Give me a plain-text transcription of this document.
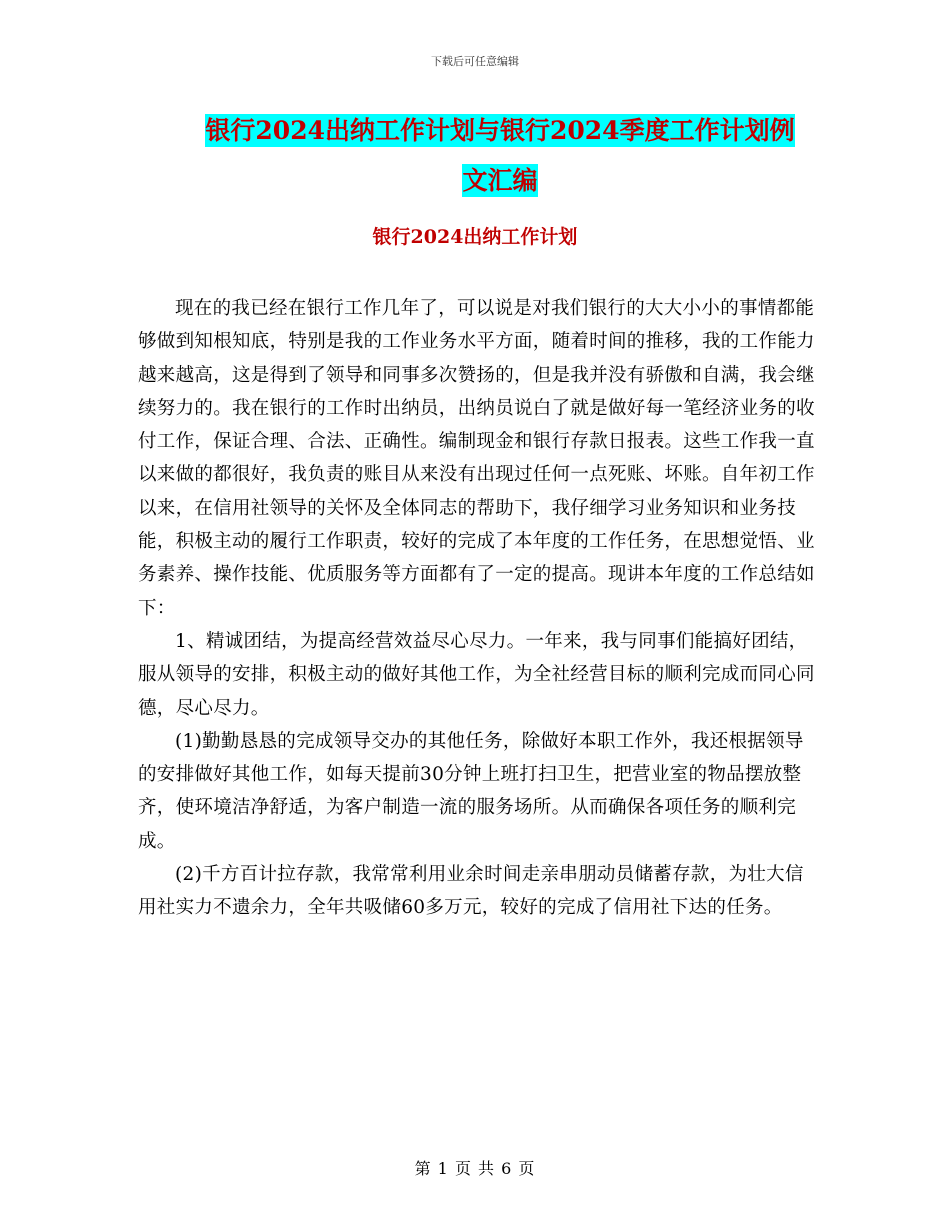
下载后可任意编辑
银行2024出纳工作计划与银行2024季度工作计划例
文汇编
银行2024出纳工作计划

现在的我已经在银行工作几年了，可以说是对我们银行的大大小小的事情都能够做到知根知底，特别是我的工作业务水平方面，随着时间的推移，我的工作能力越来越高，这是得到了领导和同事多次赞扬的，但是我并没有骄傲和自满，我会继续努力的。我在银行的工作时出纳员，出纳员说白了就是做好每一笔经济业务的收付工作，保证合理、合法、正确性。编制现金和银行存款日报表。这些工作我一直以来做的都很好，我负责的账目从来没有出现过任何一点死账、坏账。自年初工作以来，在信用社领导的关怀及全体同志的帮助下，我仔细学习业务知识和业务技能，积极主动的履行工作职责，较好的完成了本年度的工作任务，在思想觉悟、业务素养、操作技能、优质服务等方面都有了一定的提高。现讲本年度的工作总结如下：

1、精诚团结，为提高经营效益尽心尽力。一年来，我与同事们能搞好团结，服从领导的安排，积极主动的做好其他工作，为全社经营目标的顺利完成而同心同德，尽心尽力。

(1)勤勤恳恳的完成领导交办的其他任务，除做好本职工作外，我还根据领导的安排做好其他工作，如每天提前30分钟上班打扫卫生，把营业室的物品摆放整齐，使环境洁净舒适，为客户制造一流的服务场所。从而确保各项任务的顺利完成。

(2)千方百计拉存款，我常常利用业余时间走亲串朋动员储蓄存款，为壮大信用社实力不遗余力，全年共吸储60多万元，较好的完成了信用社下达的任务。

第 1 页 共 6 页
